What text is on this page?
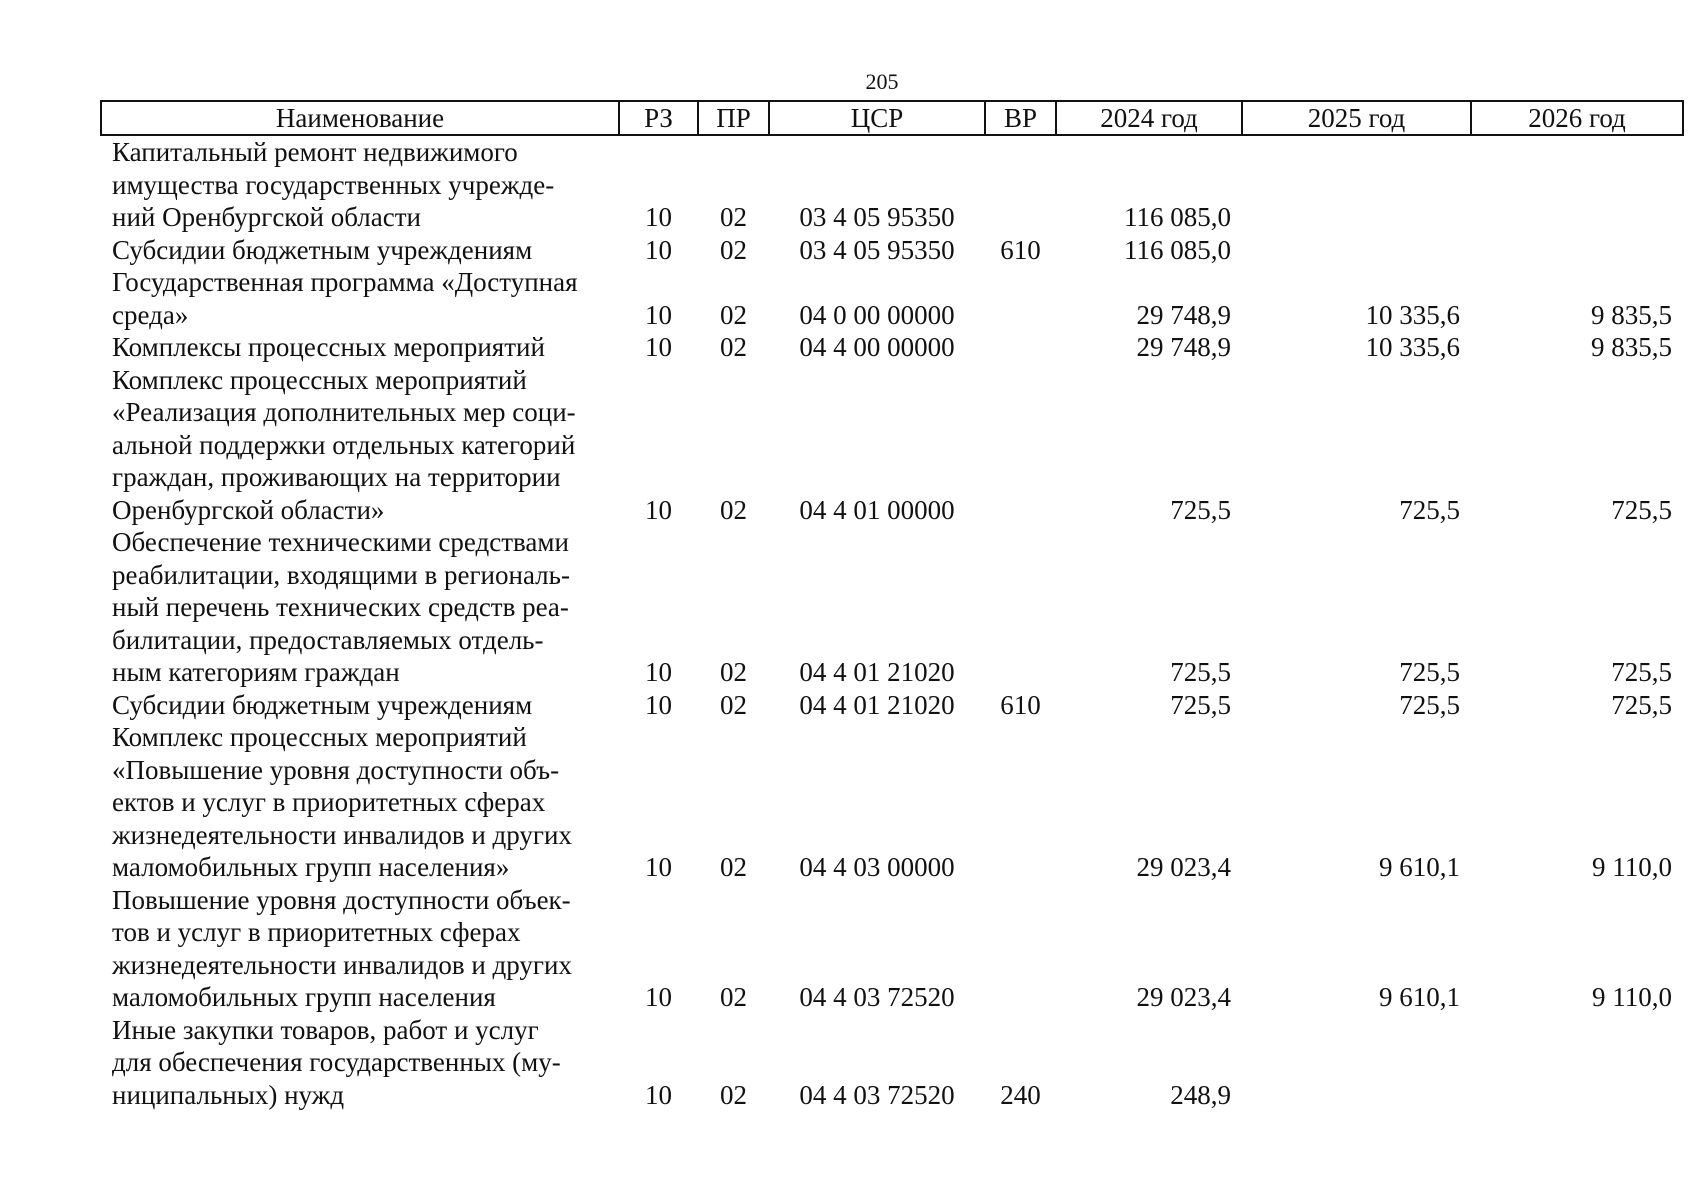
205
Наименование	РЗ	ПР	ЦСР	ВР	2024 год	2025 год	2026 год

Капитальный ремонт недвижимого
имущества государственных учрежде-
ний Оренбургской области	10	02	03 4 05 95350		116 085,0		

Субсидии бюджетным учреждениям	10	02	03 4 05 95350	610	116 085,0		

Государственная программа «Доступная
среда»	10	02	04 0 00 00000		29 748,9	10 335,6	9 835,5

Комплексы процессных мероприятий	10	02	04 4 00 00000		29 748,9	10 335,6	9 835,5

Комплекс процессных мероприятий
«Реализация дополнительных мер соци-
альной поддержки отдельных категорий
граждан, проживающих на территории
Оренбургской области»	10	02	04 4 01 00000		725,5	725,5	725,5

Обеспечение техническими средствами
реабилитации, входящими в региональ-
ный перечень технических средств реа-
билитации, предоставляемых отдель-
ным категориям граждан	10	02	04 4 01 21020		725,5	725,5	725,5

Субсидии бюджетным учреждениям	10	02	04 4 01 21020	610	725,5	725,5	725,5

Комплекс процессных мероприятий
«Повышение уровня доступности объ-
ектов и услуг в приоритетных сферах
жизнедеятельности инвалидов и других
маломобильных групп населения»	10	02	04 4 03 00000		29 023,4	9 610,1	9 110,0

Повышение уровня доступности объек-
тов и услуг в приоритетных сферах
жизнедеятельности инвалидов и других
маломобильных групп населения	10	02	04 4 03 72520		29 023,4	9 610,1	9 110,0

Иные закупки товаров, работ и услуг
для обеспечения государственных (му-
ниципальных) нужд	10	02	04 4 03 72520	240	248,9		
